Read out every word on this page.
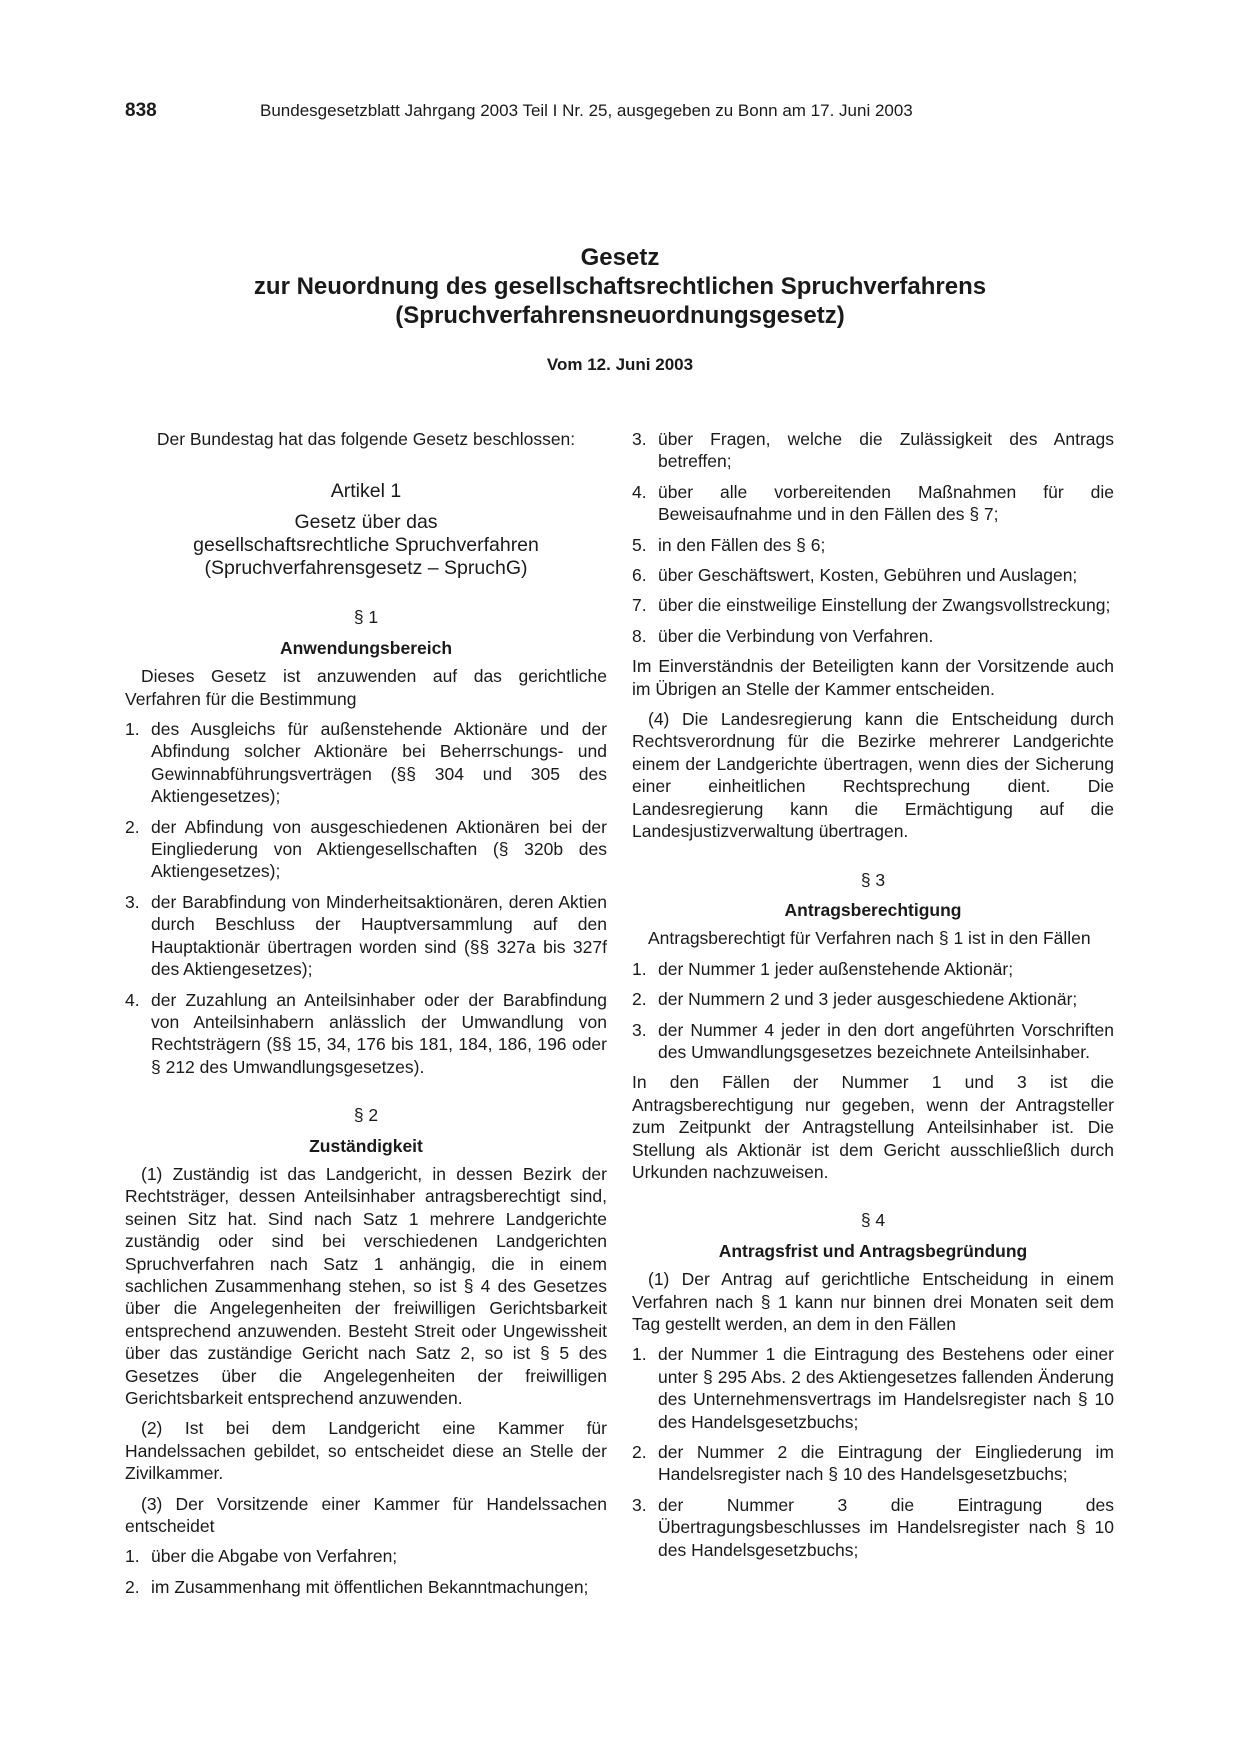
838	Bundesgesetzblatt Jahrgang 2003 Teil I Nr. 25, ausgegeben zu Bonn am 17. Juni 2003
Gesetz
zur Neuordnung des gesellschaftsrechtlichen Spruchverfahrens
(Spruchverfahrensneuordnungsgesetz)
Vom 12. Juni 2003

Der Bundestag hat das folgende Gesetz beschlossen:

Artikel 1
Gesetz über das
gesellschaftsrechtliche Spruchverfahren
(Spruchverfahrensgesetz – SpruchG)
§ 1
Anwendungsbereich

Dieses Gesetz ist anzuwenden auf das gerichtliche Verfahren für die Bestimmung

1. des Ausgleichs für außenstehende Aktionäre und der Abfindung solcher Aktionäre bei Beherrschungs- und Gewinnabführungsverträgen (§§ 304 und 305 des Aktiengesetzes);
2. der Abfindung von ausgeschiedenen Aktionären bei der Eingliederung von Aktiengesellschaften (§ 320b des Aktiengesetzes);
3. der Barabfindung von Minderheitsaktionären, deren Aktien durch Beschluss der Hauptversammlung auf den Hauptaktionär übertragen worden sind (§§ 327a bis 327f des Aktiengesetzes);
4. der Zuzahlung an Anteilsinhaber oder der Barabfindung von Anteilsinhabern anlässlich der Umwandlung von Rechtsträgern (§§ 15, 34, 176 bis 181, 184, 186, 196 oder § 212 des Umwandlungsgesetzes).
§ 2
Zuständigkeit

(1) Zuständig ist das Landgericht, in dessen Bezirk der Rechtsträger, dessen Anteilsinhaber antragsberechtigt sind, seinen Sitz hat. Sind nach Satz 1 mehrere Landgerichte zuständig oder sind bei verschiedenen Landgerichten Spruchverfahren nach Satz 1 anhängig, die in einem sachlichen Zusammenhang stehen, so ist § 4 des Gesetzes über die Angelegenheiten der freiwilligen Gerichtsbarkeit entsprechend anzuwenden. Besteht Streit oder Ungewissheit über das zuständige Gericht nach Satz 2, so ist § 5 des Gesetzes über die Angelegenheiten der freiwilligen Gerichtsbarkeit entsprechend anzuwenden.

(2) Ist bei dem Landgericht eine Kammer für Handelssachen gebildet, so entscheidet diese an Stelle der Zivilkammer.

(3) Der Vorsitzende einer Kammer für Handelssachen entscheidet

1. über die Abgabe von Verfahren;
2. im Zusammenhang mit öffentlichen Bekanntmachungen;
3. über Fragen, welche die Zulässigkeit des Antrags betreffen;
4. über alle vorbereitenden Maßnahmen für die Beweisaufnahme und in den Fällen des § 7;
5. in den Fällen des § 6;
6. über Geschäftswert, Kosten, Gebühren und Auslagen;
7. über die einstweilige Einstellung der Zwangsvollstreckung;
8. über die Verbindung von Verfahren.

Im Einverständnis der Beteiligten kann der Vorsitzende auch im Übrigen an Stelle der Kammer entscheiden.

(4) Die Landesregierung kann die Entscheidung durch Rechtsverordnung für die Bezirke mehrerer Landgerichte einem der Landgerichte übertragen, wenn dies der Sicherung einer einheitlichen Rechtsprechung dient. Die Landesregierung kann die Ermächtigung auf die Landesjustizverwaltung übertragen.

§ 3
Antragsberechtigung

Antragsberechtigt für Verfahren nach § 1 ist in den Fällen

1. der Nummer 1 jeder außenstehende Aktionär;
2. der Nummern 2 und 3 jeder ausgeschiedene Aktionär;
3. der Nummer 4 jeder in den dort angeführten Vorschriften des Umwandlungsgesetzes bezeichnete Anteilsinhaber.

In den Fällen der Nummer 1 und 3 ist die Antragsberechtigung nur gegeben, wenn der Antragsteller zum Zeitpunkt der Antragstellung Anteilsinhaber ist. Die Stellung als Aktionär ist dem Gericht ausschließlich durch Urkunden nachzuweisen.

§ 4
Antragsfrist und Antragsbegründung

(1) Der Antrag auf gerichtliche Entscheidung in einem Verfahren nach § 1 kann nur binnen drei Monaten seit dem Tag gestellt werden, an dem in den Fällen

1. der Nummer 1 die Eintragung des Bestehens oder einer unter § 295 Abs. 2 des Aktiengesetzes fallenden Änderung des Unternehmensvertrags im Handelsregister nach § 10 des Handelsgesetzbuchs;
2. der Nummer 2 die Eintragung der Eingliederung im Handelsregister nach § 10 des Handelsgesetzbuchs;
3. der Nummer 3 die Eintragung des Übertragungsbeschlusses im Handelsregister nach § 10 des Handelsgesetzbuchs;
